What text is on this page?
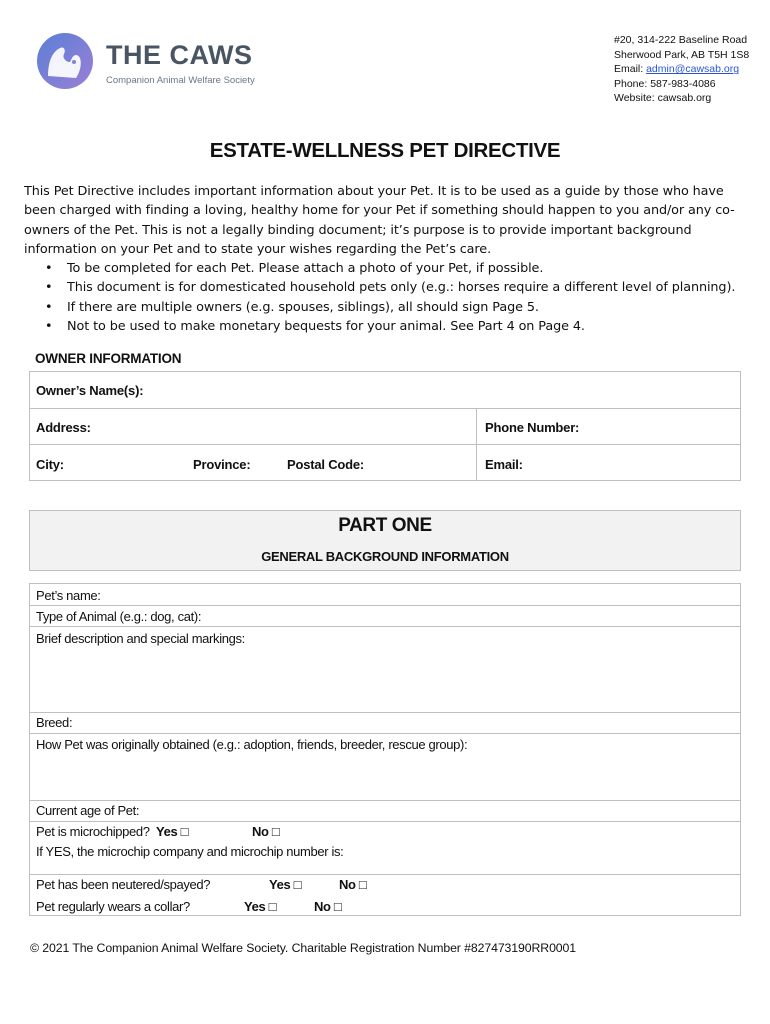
THE CAWS
Companion Animal Welfare Society
#20, 314-222 Baseline Road
Sherwood Park, AB T5H 1S8
Email: admin@cawsab.org
Phone: 587-983-4086
Website: cawsab.org
ESTATE-WELLNESS PET DIRECTIVE

This Pet Directive includes important information about your Pet. It is to be used as a guide by those who have been charged with finding a loving, healthy home for your Pet if something should happen to you and/or any co-owners of the Pet. This is not a legally binding document; it’s purpose is to provide important background information on your Pet and to state your wishes regarding the Pet’s care.

• To be completed for each Pet. Please attach a photo of your Pet, if possible.
• This document is for domesticated household pets only (e.g.: horses require a different level of planning).
• If there are multiple owners (e.g. spouses, siblings), all should sign Page 5.
• Not to be used to make monetary bequests for your animal. See Part 4 on Page 4.
OWNER INFORMATION
Owner’s Name(s):
Address:	Phone Number:
City:	Province:	Postal Code:	Email:
PART ONE
GENERAL BACKGROUND INFORMATION
Pet’s name:
Type of Animal (e.g.: dog, cat):
Brief description and special markings:
Breed:
How Pet was originally obtained (e.g.: adoption, friends, breeder, rescue group):
Current age of Pet:
Pet is microchipped? Yes □	No □
If YES, the microchip company and microchip number is:
Pet has been neutered/spayed?	Yes □	No □
Pet regularly wears a collar?	Yes □	No □
© 2021 The Companion Animal Welfare Society. Charitable Registration Number #827473190RR0001
